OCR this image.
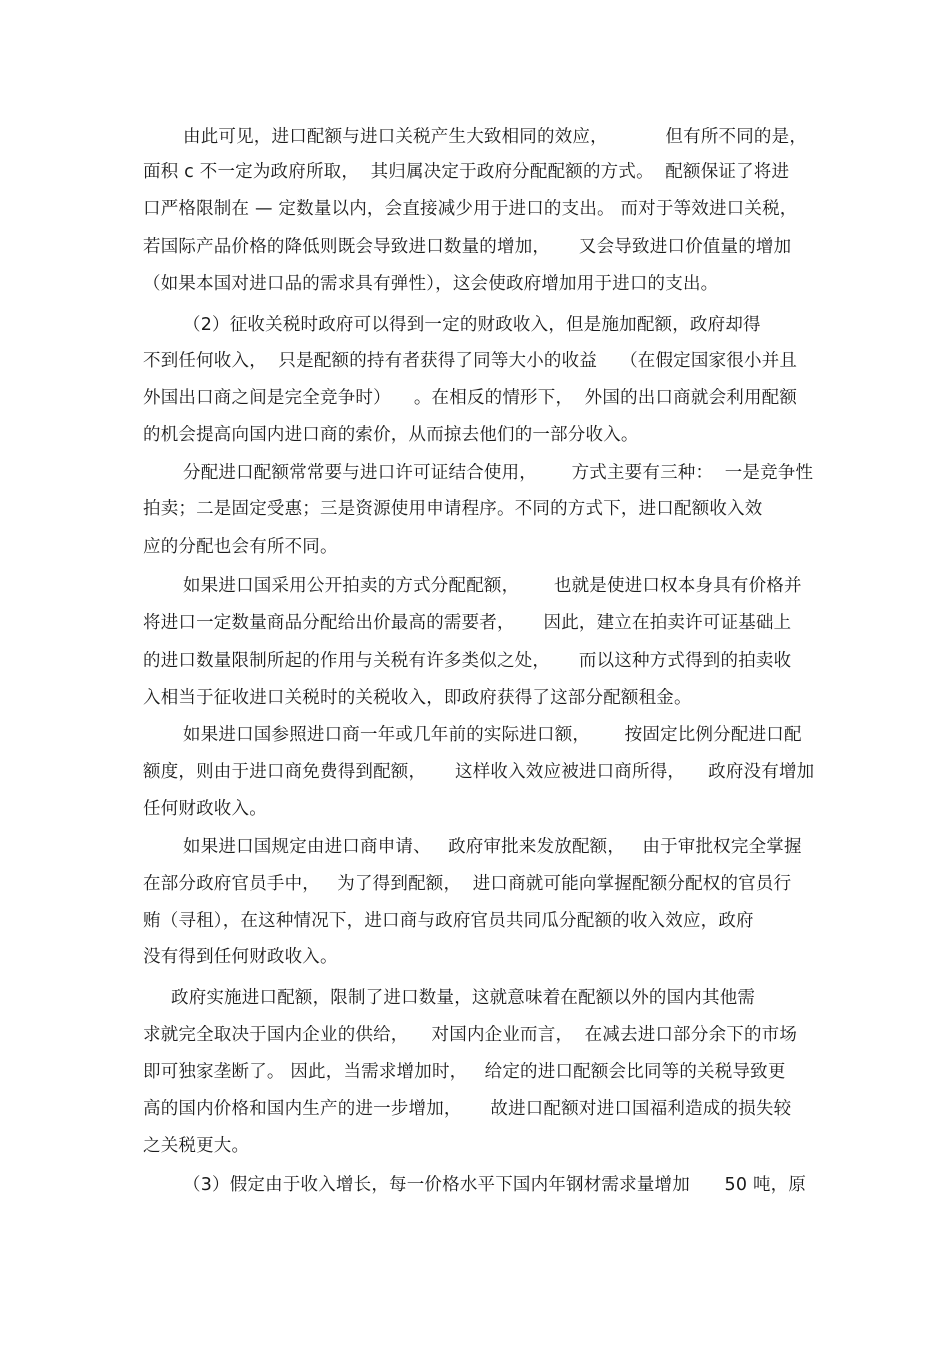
由此可见，进口配额与进口关税产生大致相同的效应，          但有所不同的是，
面积 c 不一定为政府所取，  其归属决定于政府分配配额的方式。  配额保证了将进
口严格限制在 — 定数量以内，会直接减少用于进口的支出。 而对于等效进口关税，
若国际产品价格的降低则既会导致进口数量的增加，     又会导致进口价值量的增加
（如果本国对进口品的需求具有弹性），这会使政府增加用于进口的支出。
（2）征收关税时政府可以得到一定的财政收入，但是施加配额，政府却得
不到任何收入，  只是配额的持有者获得了同等大小的收益    （在假定国家很小并且
外国出口商之间是完全竞争时）    。在相反的情形下，  外国的出口商就会利用配额
的机会提高向国内进口商的索价，从而掠去他们的一部分收入。
分配进口配额常常要与进口许可证结合使用，      方式主要有三种：  一是竞争性
拍卖；二是固定受惠；三是资源使用申请程序。不同的方式下，进口配额收入效
应的分配也会有所不同。
如果进口国采用公开拍卖的方式分配配额，      也就是使进口权本身具有价格并
将进口一定数量商品分配给出价最高的需要者，     因此，建立在拍卖许可证基础上
的进口数量限制所起的作用与关税有许多类似之处，     而以这种方式得到的拍卖收
入相当于征收进口关税时的关税收入，即政府获得了这部分配额租金。
如果进口国参照进口商一年或几年前的实际进口额，      按固定比例分配进口配
额度，则由于进口商免费得到配额，     这样收入效应被进口商所得，    政府没有增加
任何财政收入。
如果进口国规定由进口商申请、   政府审批来发放配额，   由于审批权完全掌握
在部分政府官员手中，   为了得到配额，  进口商就可能向掌握配额分配权的官员行
贿（寻租），在这种情况下，进口商与政府官员共同瓜分配额的收入效应，政府
没有得到任何财政收入。
政府实施进口配额，限制了进口数量，这就意味着在配额以外的国内其他需
求就完全取决于国内企业的供给，    对国内企业而言，  在减去进口部分余下的市场
即可独家垄断了。 因此，当需求增加时，   给定的进口配额会比同等的关税导致更
高的国内价格和国内生产的进一步增加，     故进口配额对进口国福利造成的损失较
之关税更大。
（3）假定由于收入增长，每一价格水平下国内年钢材需求量增加      50 吨，原
